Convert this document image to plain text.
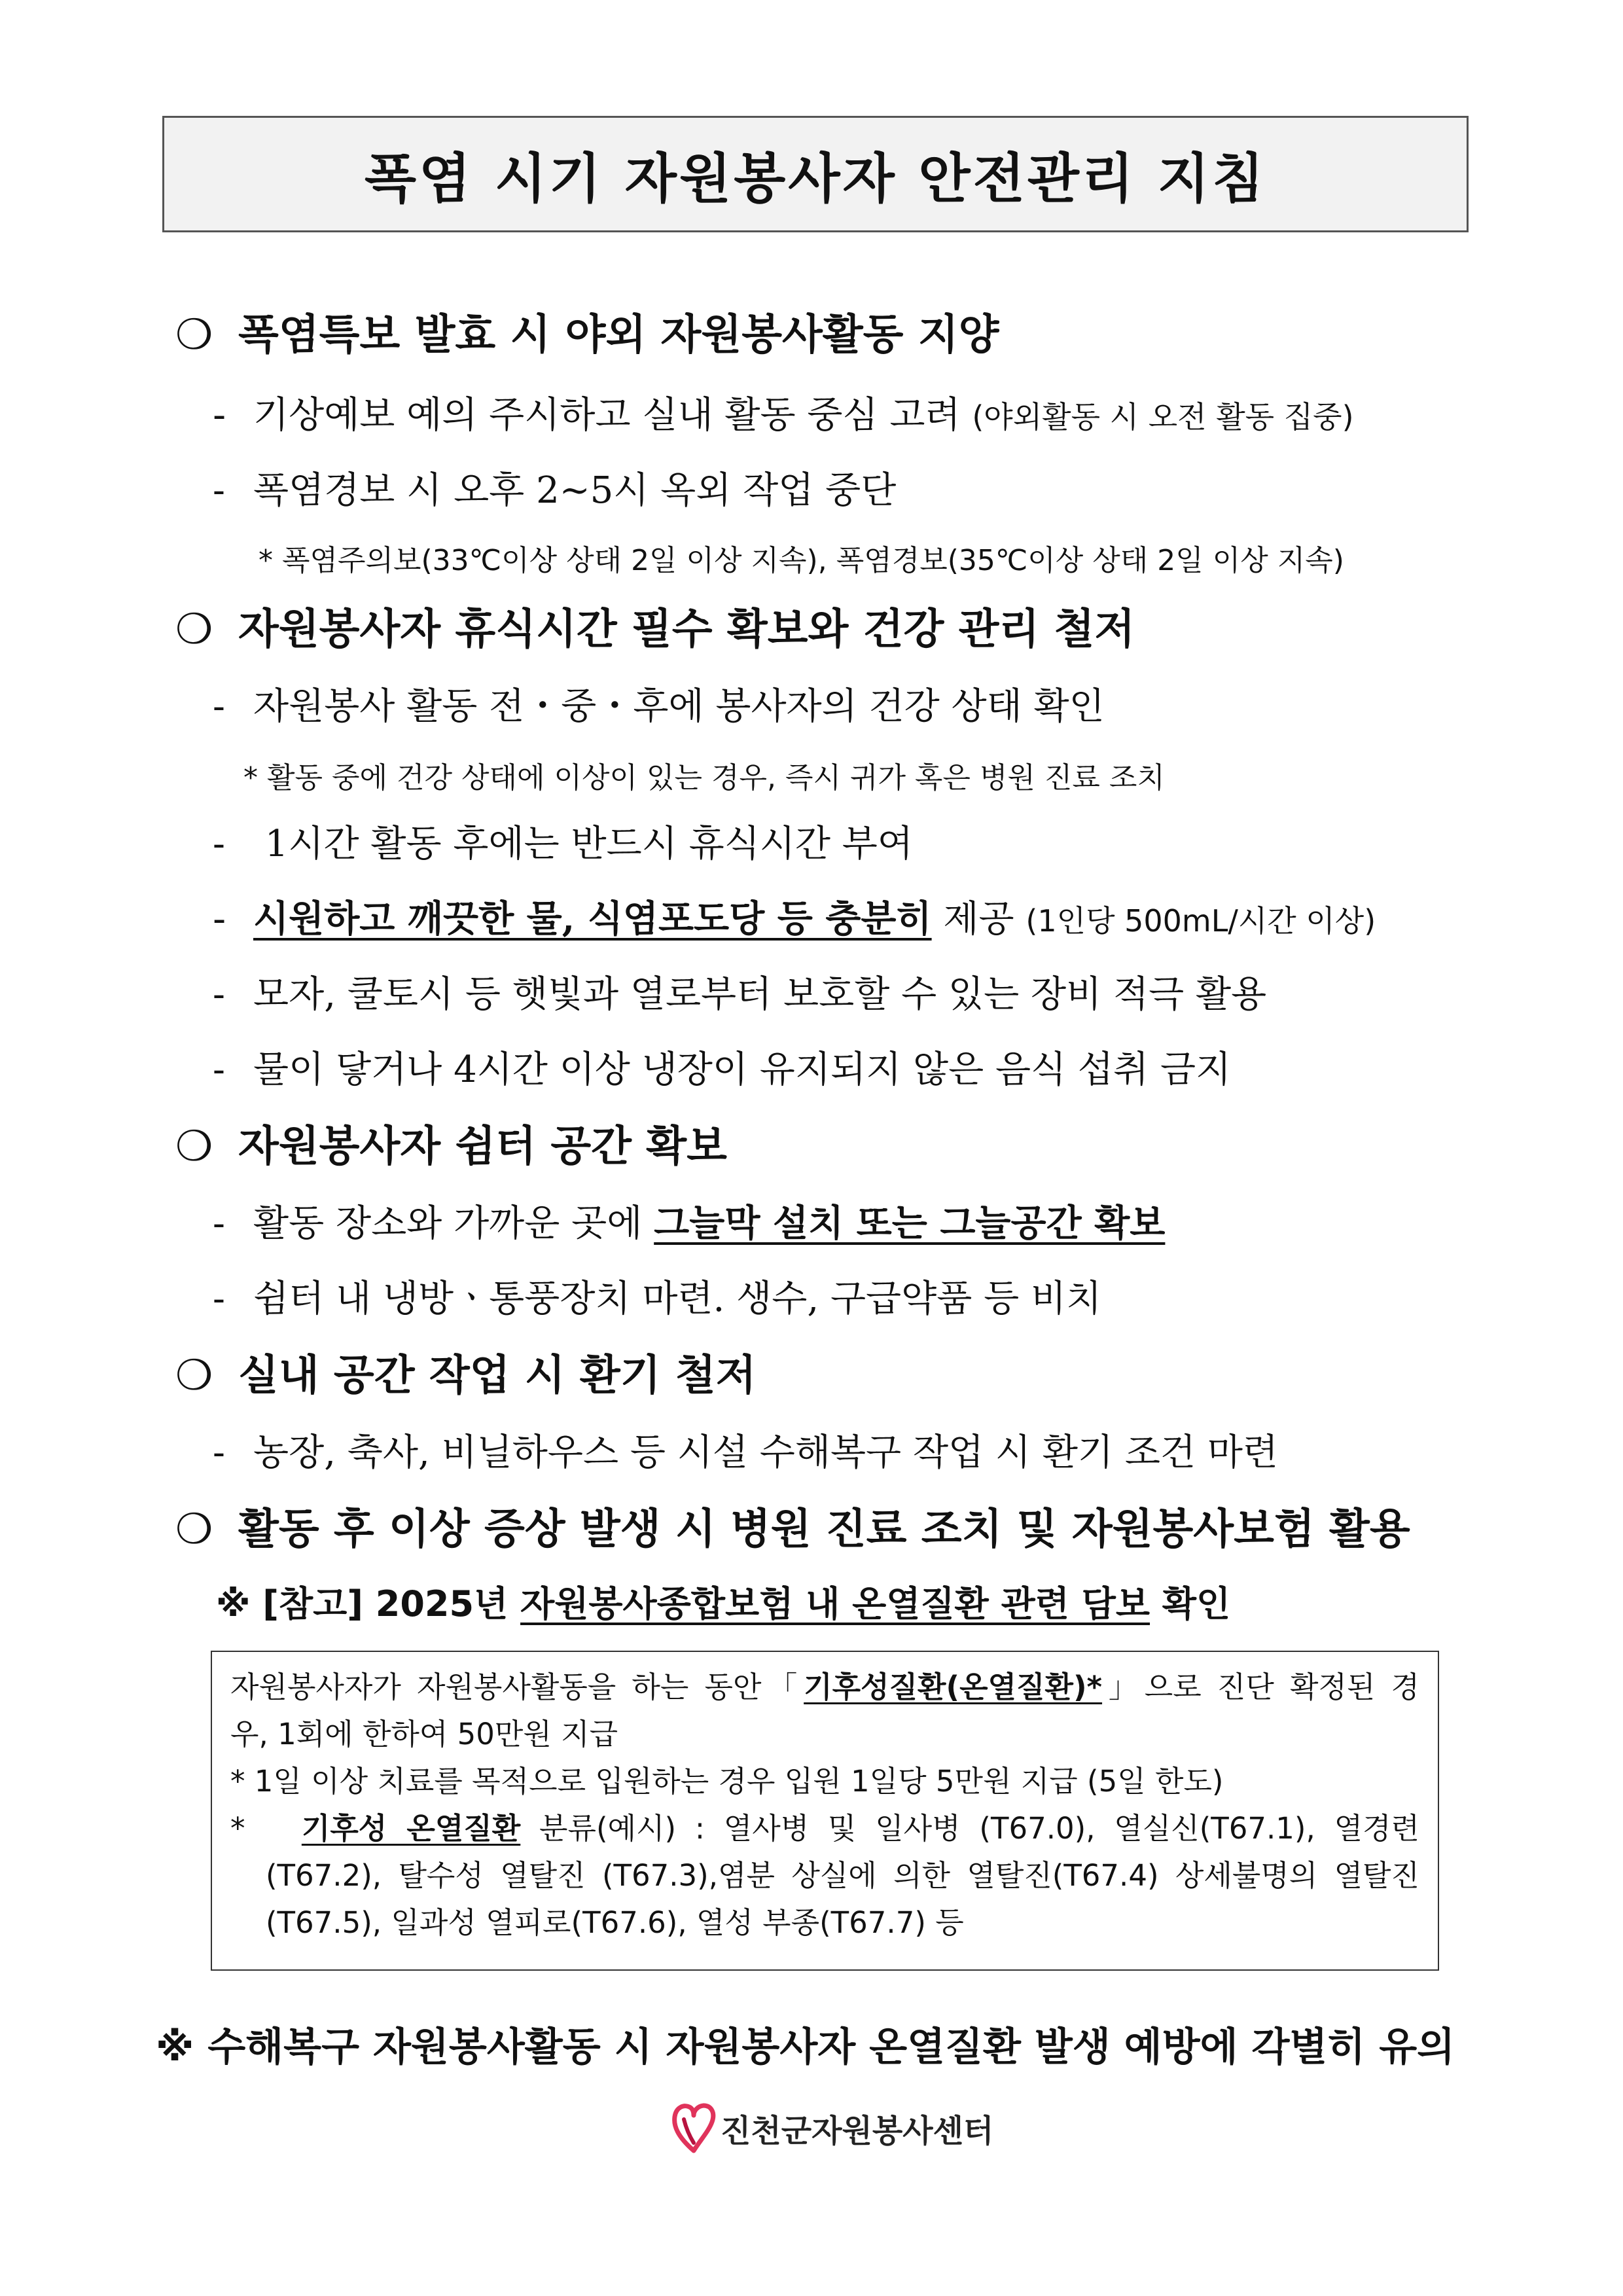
폭염 시기 자원봉사자 안전관리 지침
❍ 폭염특보 발효 시 야외 자원봉사활동 지양
- 기상예보 예의 주시하고 실내 활동 중심 고려 (야외활동 시 오전 활동 집중)
- 폭염경보 시 오후 2~5시 옥외 작업 중단
* 폭염주의보(33℃이상 상태 2일 이상 지속), 폭염경보(35℃이상 상태 2일 이상 지속)
❍ 자원봉사자 휴식시간 필수 확보와 건강 관리 철저
- 자원봉사 활동 전・중・후에 봉사자의 건강 상태 확인
* 활동 중에 건강 상태에 이상이 있는 경우, 즉시 귀가 혹은 병원 진료 조치
- 1시간 활동 후에는 반드시 휴식시간 부여
- 시원하고 깨끗한 물, 식염포도당 등 충분히 제공 (1인당 500mL/시간 이상)
- 모자, 쿨토시 등 햇빛과 열로부터 보호할 수 있는 장비 적극 활용
- 물이 닿거나 4시간 이상 냉장이 유지되지 않은 음식 섭취 금지
❍ 자원봉사자 쉼터 공간 확보
- 활동 장소와 가까운 곳에 그늘막 설치 또는 그늘공간 확보
- 쉼터 내 냉방ㆍ통풍장치 마련. 생수, 구급약품 등 비치
❍ 실내 공간 작업 시 환기 철저
- 농장, 축사, 비닐하우스 등 시설 수해복구 작업 시 환기 조건 마련
❍ 활동 후 이상 증상 발생 시 병원 진료 조치 및 자원봉사보험 활용
※ [참고] 2025년 자원봉사종합보험 내 온열질환 관련 담보 확인
자원봉사자가 자원봉사활동을 하는 동안「기후성질환(온열질환)*」으로 진단 확정된 경
우, 1회에 한하여 50만원 지급
* 1일 이상 치료를 목적으로 입원하는 경우 입원 1일당 5만원 지급 (5일 한도)
* 기후성 온열질환 분류(예시) : 열사병 및 일사병 (T67.0), 열실신(T67.1), 열경련
(T67.2), 탈수성 열탈진 (T67.3),염분 상실에 의한 열탈진(T67.4) 상세불명의 열탈진
(T67.5), 일과성 열피로(T67.6), 열성 부종(T67.7) 등
※ 수해복구 자원봉사활동 시 자원봉사자 온열질환 발생 예방에 각별히 유의
진천군자원봉사센터
